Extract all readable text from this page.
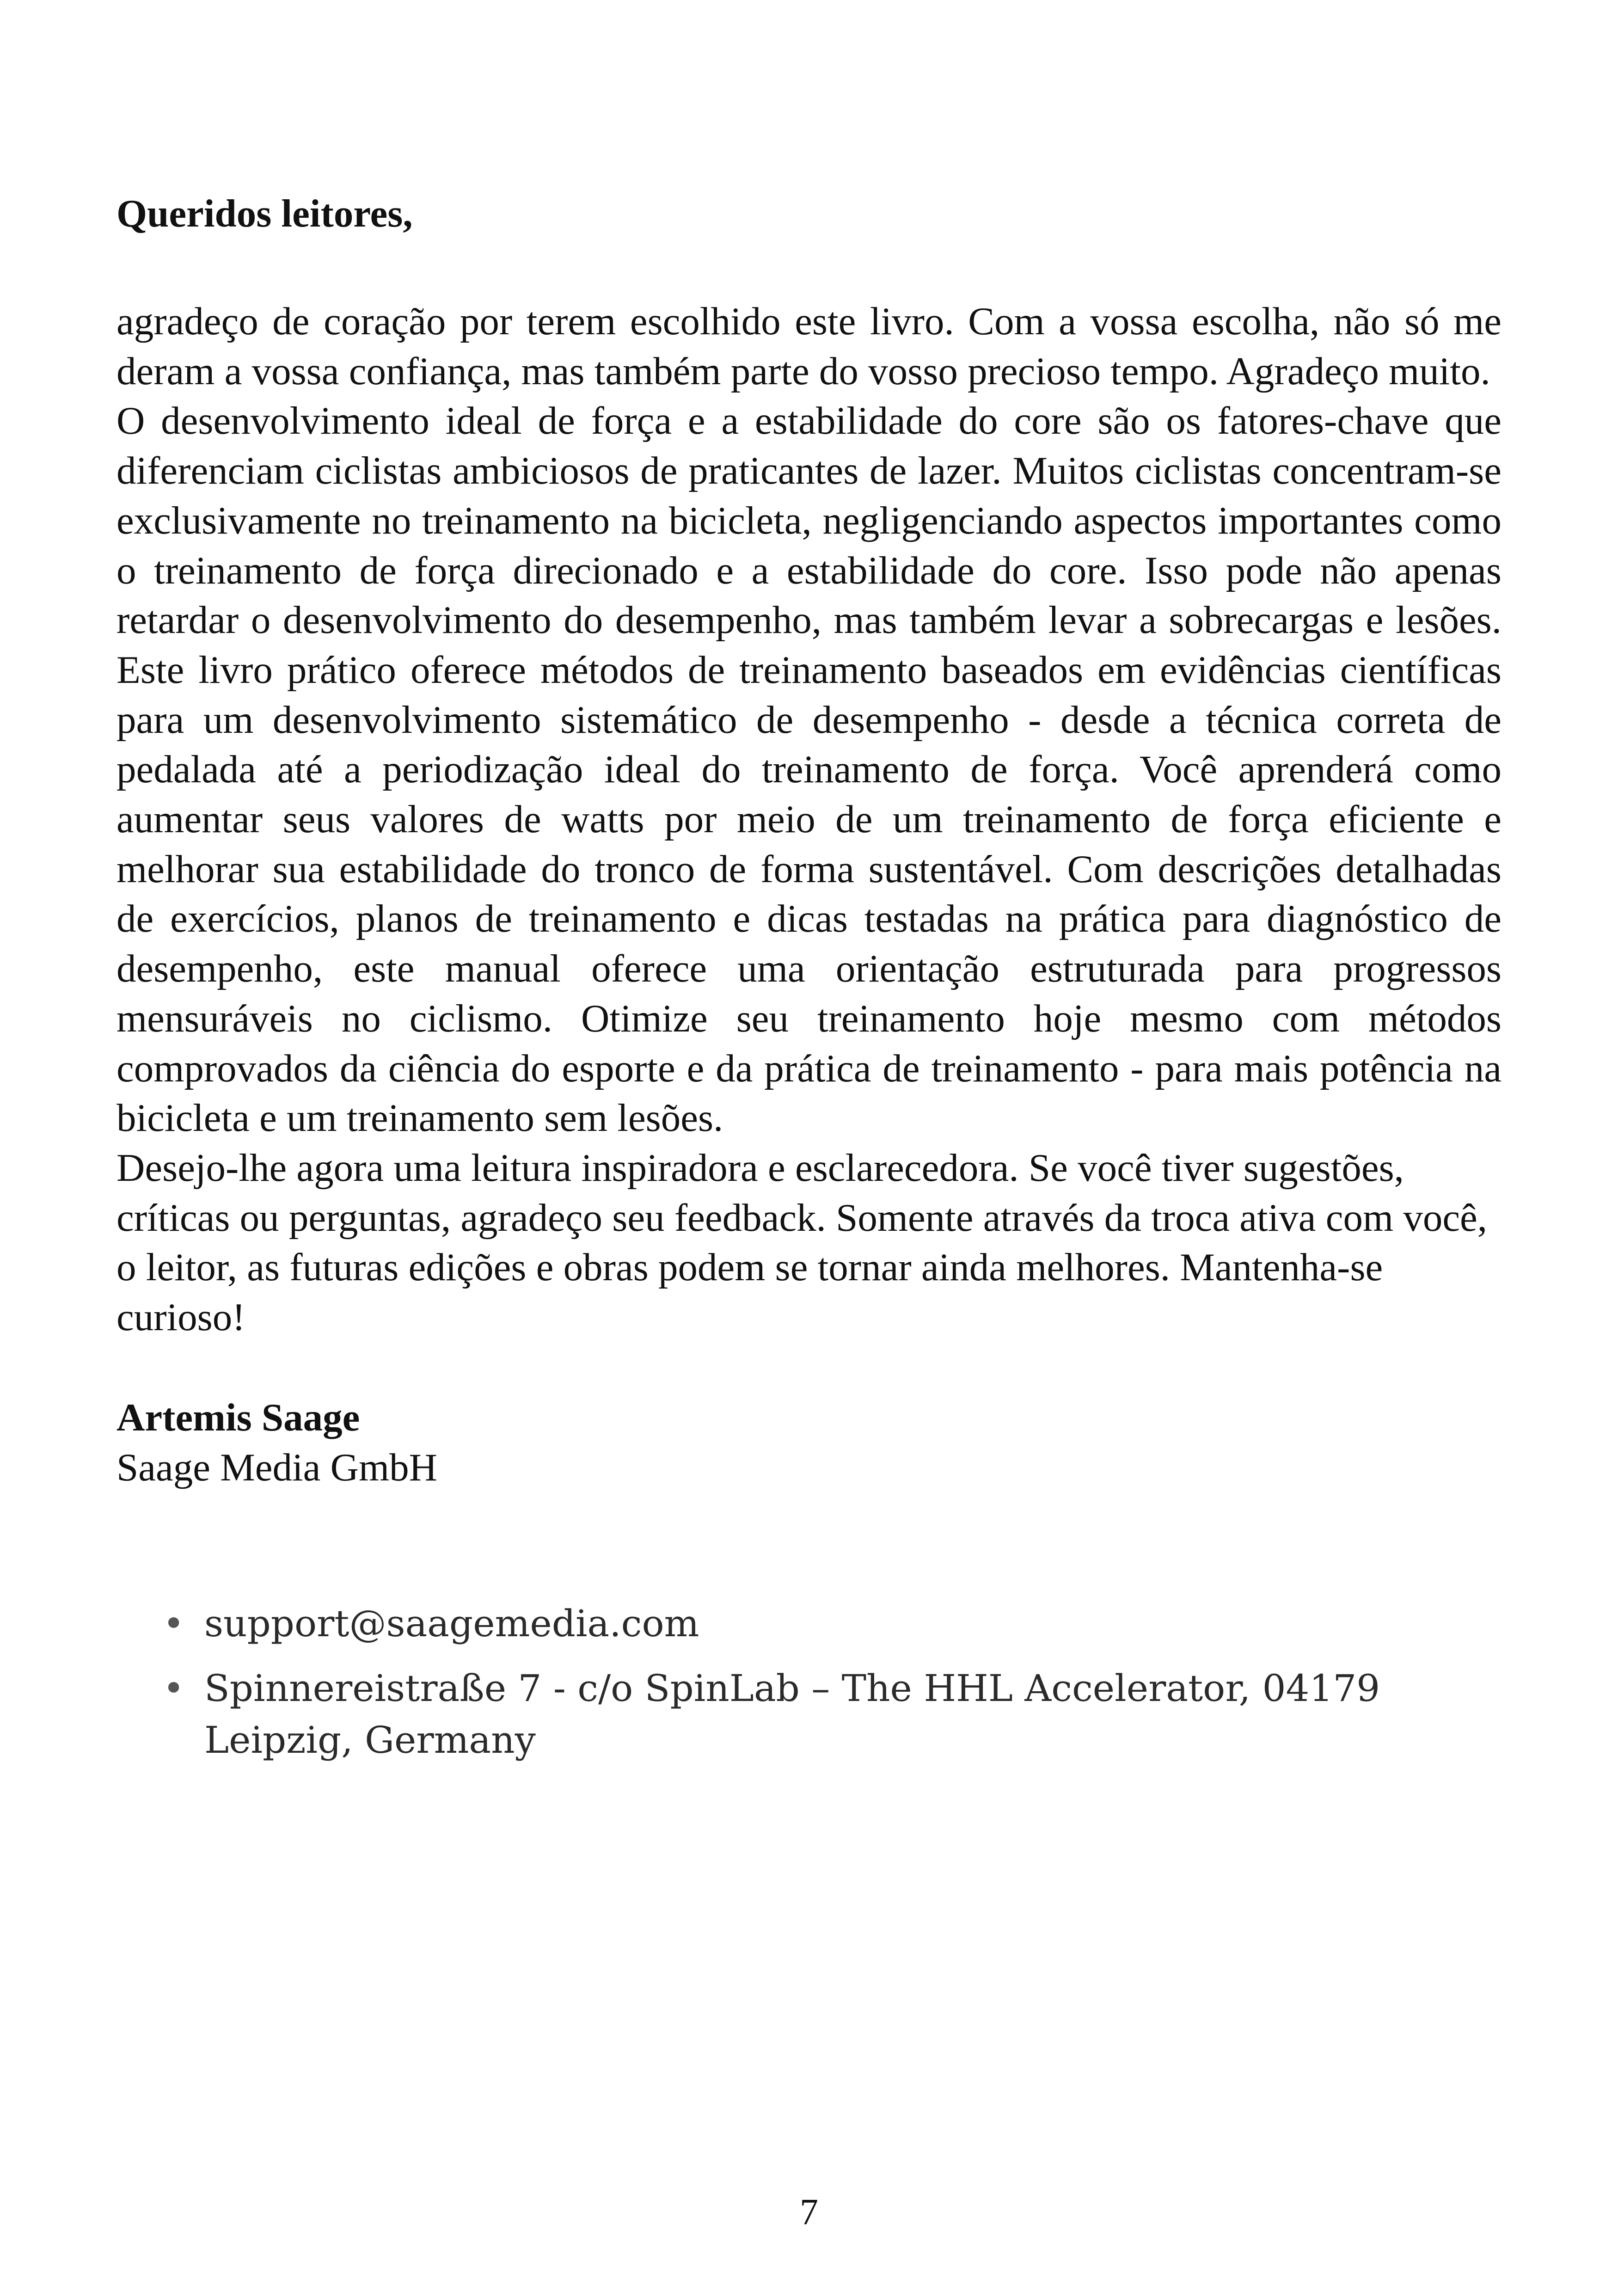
Queridos leitores,

agradeço de coração por terem escolhido este livro. Com a vossa escolha, não só me deram a vossa confiança, mas também parte do vosso precioso tempo. Agradeço muito.

O desenvolvimento ideal de força e a estabilidade do core são os fatores-chave que diferenciam ciclistas ambiciosos de praticantes de lazer. Muitos ciclistas concentram-se exclusivamente no treinamento na bicicleta, negligenciando aspectos importantes como o treinamento de força direcionado e a estabilidade do core. Isso pode não apenas retardar o desenvolvimento do desempenho, mas também levar a sobrecargas e lesões. Este livro prático oferece métodos de treinamento baseados em evidências científicas para um desenvolvimento sistemático de desempenho - desde a técnica correta de pedalada até a periodização ideal do treinamento de força. Você aprenderá como aumentar seus valores de watts por meio de um treinamento de força eficiente e melhorar sua estabilidade do tronco de forma sustentável. Com descrições detalhadas de exercícios, planos de treinamento e dicas testadas na prática para diagnóstico de desempenho, este manual oferece uma orientação estruturada para progressos mensuráveis no ciclismo. Otimize seu treinamento hoje mesmo com métodos comprovados da ciência do esporte e da prática de treinamento - para mais potência na bicicleta e um treinamento sem lesões.

Desejo-lhe agora uma leitura inspiradora e esclarecedora. Se você tiver sugestões, críticas ou perguntas, agradeço seu feedback. Somente através da troca ativa com você, o leitor, as futuras edições e obras podem se tornar ainda melhores. Mantenha-se curioso!

Artemis Saage
Saage Media GmbH
• support@saagemedia.com
• Spinnereistraße 7 - c/o SpinLab – The HHL Accelerator, 04179 Leipzig, Germany
7
